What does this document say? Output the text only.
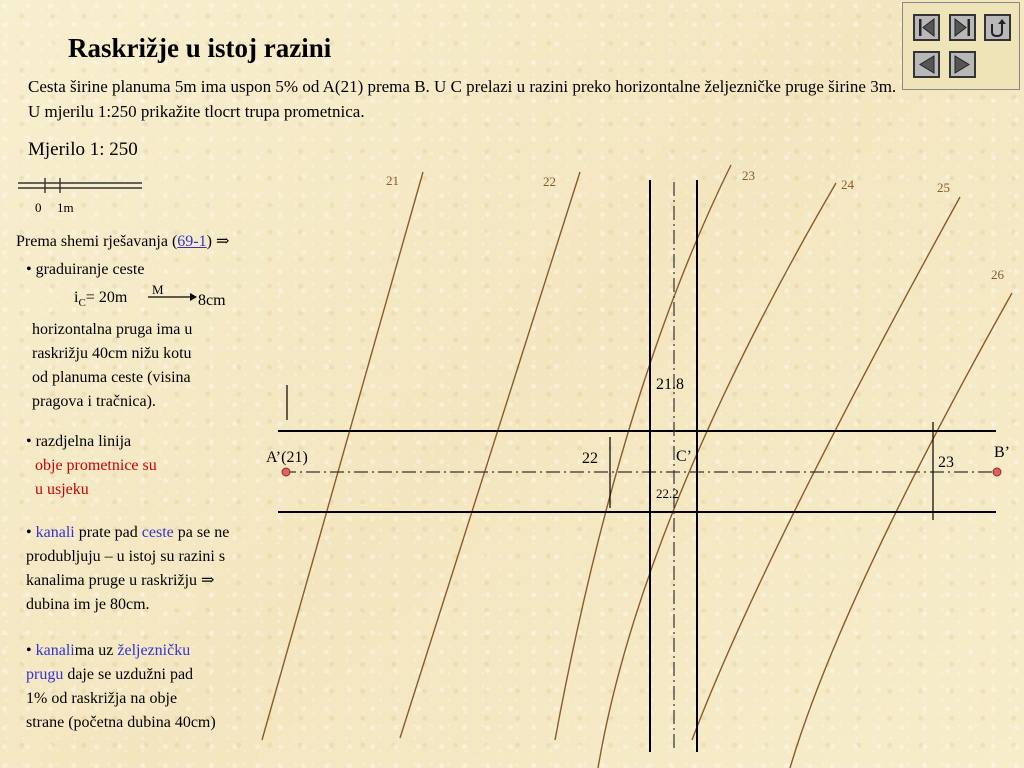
Raskrižje u istoj razini
Cesta širine planuma 5m ima uspon 5% od A(21) prema B. U C prelazi u razini preko horizontalne željezničke pruge širine 3m. U mjerilu 1:250 prikažite tlocrt trupa prometnica.
Mjerilo 1: 250
0 1m
21	22	23
24	25
26
A’(21)	B’
C’
22	23
21.8
22.2
Prema shemi rješavanja (69-1) ⇒
• graduiranje ceste
$i_C= 20m$ M
8cm
horizontalna pruga ima u
raskrižju 40cm nižu kotu
od planuma ceste (visina
pragova i tračnica).
• razdjelna linija
obje prometnice su
u usjeku
• kanali prate pad ceste pa se ne
produbljuju – u istoj su razini s
kanalima pruge u raskrižju ⇒
dubina im je 80cm.
• kanalima uz željezničku
prugu daje se uzdužni pad
1% od raskrižja na obje
strane (početna dubina 40cm)
